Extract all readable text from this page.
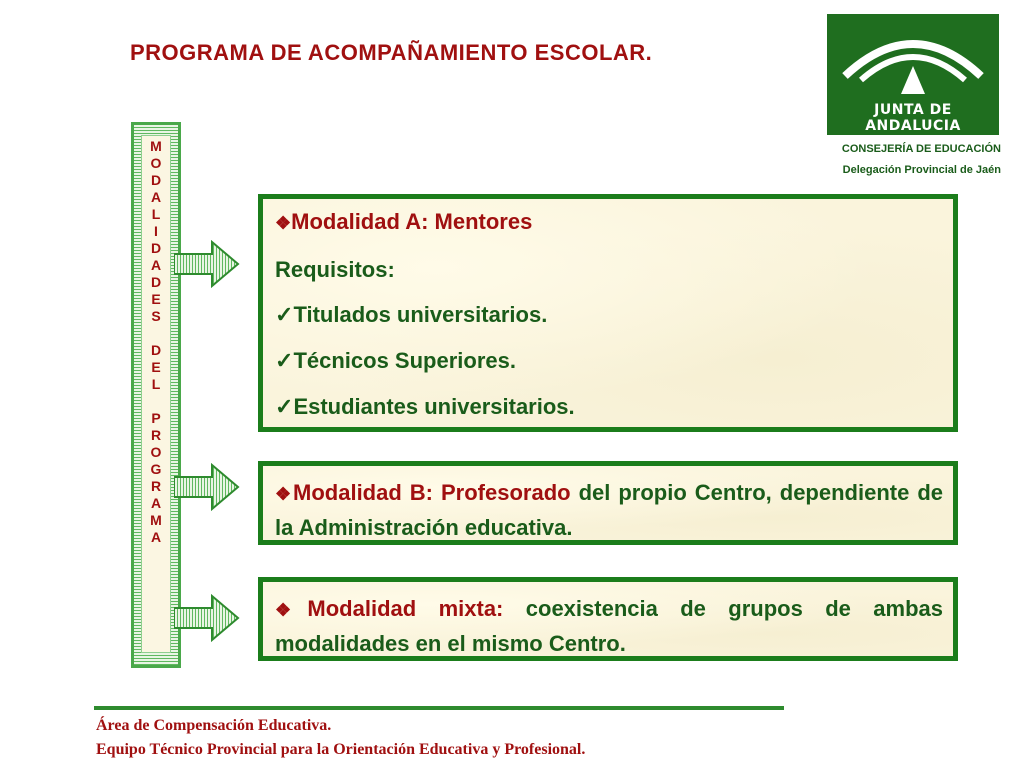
PROGRAMA DE ACOMPAÑAMIENTO ESCOLAR.
JUNTA DE ANDALUCIA
CONSEJERÍA DE EDUCACIÓN
Delegación Provincial de Jaén
M
O
D
A
L
I
D
A
D
E
S

D
E
L

P
R
O
G
R
A
M
A
❖Modalidad A: Mentores
Requisitos:
✓Titulados universitarios.
✓Técnicos Superiores.
✓Estudiantes universitarios.
❖Modalidad B: Profesorado del propio Centro, dependiente de la Administración educativa.
❖Modalidad mixta: coexistencia de grupos de ambas modalidades en el mismo Centro.
Área de Compensación Educativa.
Equipo Técnico Provincial para la Orientación Educativa y Profesional.
